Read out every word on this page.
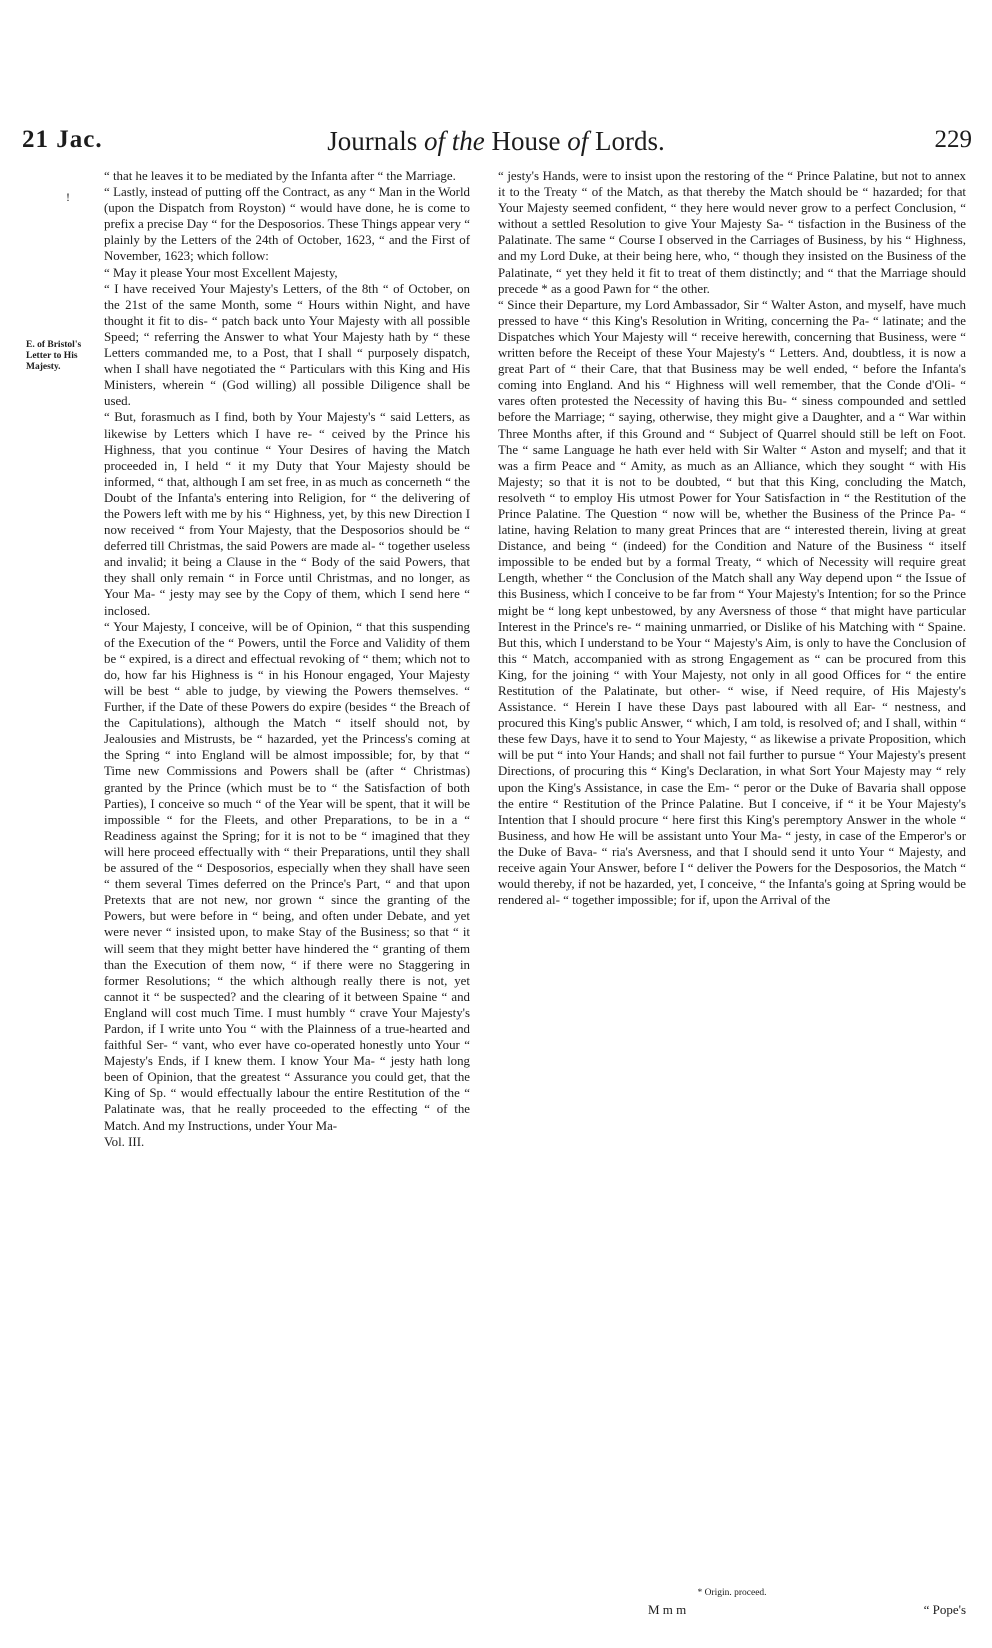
21 Jac.	Journals of the House of Lords.	229
!
E. of Bristol's Letter to His Majesty.

“ that he leaves it to be mediated by the Infanta after “ the Marriage.

“ Lastly, instead of putting off the Contract, as any “ Man in the World (upon the Dispatch from Royston) “ would have done, he is come to prefix a precise Day “ for the Desposorios. These Things appear very “ plainly by the Letters of the 24th of October, 1623, “ and the First of November, 1623; which follow:

“ May it please Your most Excellent Majesty,

“ I have received Your Majesty's Letters, of the 8th “ of October, on the 21st of the same Month, some “ Hours within Night, and have thought it fit to dis- “ patch back unto Your Majesty with all possible Speed; “ referring the Answer to what Your Majesty hath by “ these Letters commanded me, to a Post, that I shall “ purposely dispatch, when I shall have negotiated the “ Particulars with this King and His Ministers, wherein “ (God willing) all possible Diligence shall be used.

“ But, forasmuch as I find, both by Your Majesty's “ said Letters, as likewise by Letters which I have re- “ ceived by the Prince his Highness, that you continue “ Your Desires of having the Match proceeded in, I held “ it my Duty that Your Majesty should be informed, “ that, although I am set free, in as much as concerneth “ the Doubt of the Infanta's entering into Religion, for “ the delivering of the Powers left with me by his “ Highness, yet, by this new Direction I now received “ from Your Majesty, that the Desposorios should be “ deferred till Christmas, the said Powers are made al- “ together useless and invalid; it being a Clause in the “ Body of the said Powers, that they shall only remain “ in Force until Christmas, and no longer, as Your Ma- “ jesty may see by the Copy of them, which I send here “ inclosed.

“ Your Majesty, I conceive, will be of Opinion, “ that this suspending of the Execution of the “ Powers, until the Force and Validity of them be “ expired, is a direct and effectual revoking of “ them; which not to do, how far his Highness is “ in his Honour engaged, Your Majesty will be best “ able to judge, by viewing the Powers themselves. “ Further, if the Date of these Powers do expire (besides “ the Breach of the Capitulations), although the Match “ itself should not, by Jealousies and Mistrusts, be “ hazarded, yet the Princess's coming at the Spring “ into England will be almost impossible; for, by that “ Time new Commissions and Powers shall be (after “ Christmas) granted by the Prince (which must be to “ the Satisfaction of both Parties), I conceive so much “ of the Year will be spent, that it will be impossible “ for the Fleets, and other Preparations, to be in a “ Readiness against the Spring; for it is not to be “ imagined that they will here proceed effectually with “ their Preparations, until they shall be assured of the “ Desposorios, especially when they shall have seen “ them several Times deferred on the Prince's Part, “ and that upon Pretexts that are not new, nor grown “ since the granting of the Powers, but were before in “ being, and often under Debate, and yet were never “ insisted upon, to make Stay of the Business; so that “ it will seem that they might better have hindered the “ granting of them than the Execution of them now, “ if there were no Staggering in former Resolutions; “ the which although really there is not, yet cannot it “ be suspected? and the clearing of it between Spaine “ and England will cost much Time. I must humbly “ crave Your Majesty's Pardon, if I write unto You “ with the Plainness of a true-hearted and faithful Ser- “ vant, who ever have co-operated honestly unto Your “ Majesty's Ends, if I knew them. I know Your Ma- “ jesty hath long been of Opinion, that the greatest “ Assurance you could get, that the King of Sp. “ would effectually labour the entire Restitution of the “ Palatinate was, that he really proceeded to the effecting “ of the Match. And my Instructions, under Your Ma-

Vol. III.

“ jesty's Hands, were to insist upon the restoring of the “ Prince Palatine, but not to annex it to the Treaty “ of the Match, as that thereby the Match should be “ hazarded; for that Your Majesty seemed confident, “ they here would never grow to a perfect Conclusion, “ without a settled Resolution to give Your Majesty Sa- “ tisfaction in the Business of the Palatinate. The same “ Course I observed in the Carriages of Business, by his “ Highness, and my Lord Duke, at their being here, who, “ though they insisted on the Business of the Palatinate, “ yet they held it fit to treat of them distinctly; and “ that the Marriage should precede * as a good Pawn for “ the other.

“ Since their Departure, my Lord Ambassador, Sir “ Walter Aston, and myself, have much pressed to have “ this King's Resolution in Writing, concerning the Pa- “ latinate; and the Dispatches which Your Majesty will “ receive herewith, concerning that Business, were “ written before the Receipt of these Your Majesty's “ Letters. And, doubtless, it is now a great Part of “ their Care, that that Business may be well ended, “ before the Infanta's coming into England. And his “ Highness will well remember, that the Conde d'Oli- “ vares often protested the Necessity of having this Bu- “ siness compounded and settled before the Marriage; “ saying, otherwise, they might give a Daughter, and a “ War within Three Months after, if this Ground and “ Subject of Quarrel should still be left on Foot. The “ same Language he hath ever held with Sir Walter “ Aston and myself; and that it was a firm Peace and “ Amity, as much as an Alliance, which they sought “ with His Majesty; so that it is not to be doubted, “ but that this King, concluding the Match, resolveth “ to employ His utmost Power for Your Satisfaction in “ the Restitution of the Prince Palatine. The Question “ now will be, whether the Business of the Prince Pa- “ latine, having Relation to many great Princes that are “ interested therein, living at great Distance, and being “ (indeed) for the Condition and Nature of the Business “ itself impossible to be ended but by a formal Treaty, “ which of Necessity will require great Length, whether “ the Conclusion of the Match shall any Way depend upon “ the Issue of this Business, which I conceive to be far from “ Your Majesty's Intention; for so the Prince might be “ long kept unbestowed, by any Aversness of those “ that might have particular Interest in the Prince's re- “ maining unmarried, or Dislike of his Matching with “ Spaine. But this, which I understand to be Your “ Majesty's Aim, is only to have the Conclusion of this “ Match, accompanied with as strong Engagement as “ can be procured from this King, for the joining “ with Your Majesty, not only in all good Offices for “ the entire Restitution of the Palatinate, but other- “ wise, if Need require, of His Majesty's Assistance. “ Herein I have these Days past laboured with all Ear- “ nestness, and procured this King's public Answer, “ which, I am told, is resolved of; and I shall, within “ these few Days, have it to send to Your Majesty, “ as likewise a private Proposition, which will be put “ into Your Hands; and shall not fail further to pursue “ Your Majesty's present Directions, of procuring this “ King's Declaration, in what Sort Your Majesty may “ rely upon the King's Assistance, in case the Em- “ peror or the Duke of Bavaria shall oppose the entire “ Restitution of the Prince Palatine. But I conceive, if “ it be Your Majesty's Intention that I should procure “ here first this King's peremptory Answer in the whole “ Business, and how He will be assistant unto Your Ma- “ jesty, in case of the Emperor's or the Duke of Bava- “ ria's Aversness, and that I should send it unto Your “ Majesty, and receive again Your Answer, before I “ deliver the Powers for the Desposorios, the Match “ would thereby, if not be hazarded, yet, I conceive, “ the Infanta's going at Spring would be rendered al- “ together impossible; for if, upon the Arrival of the

* Origin. proceed.
M m m	“ Pope's
